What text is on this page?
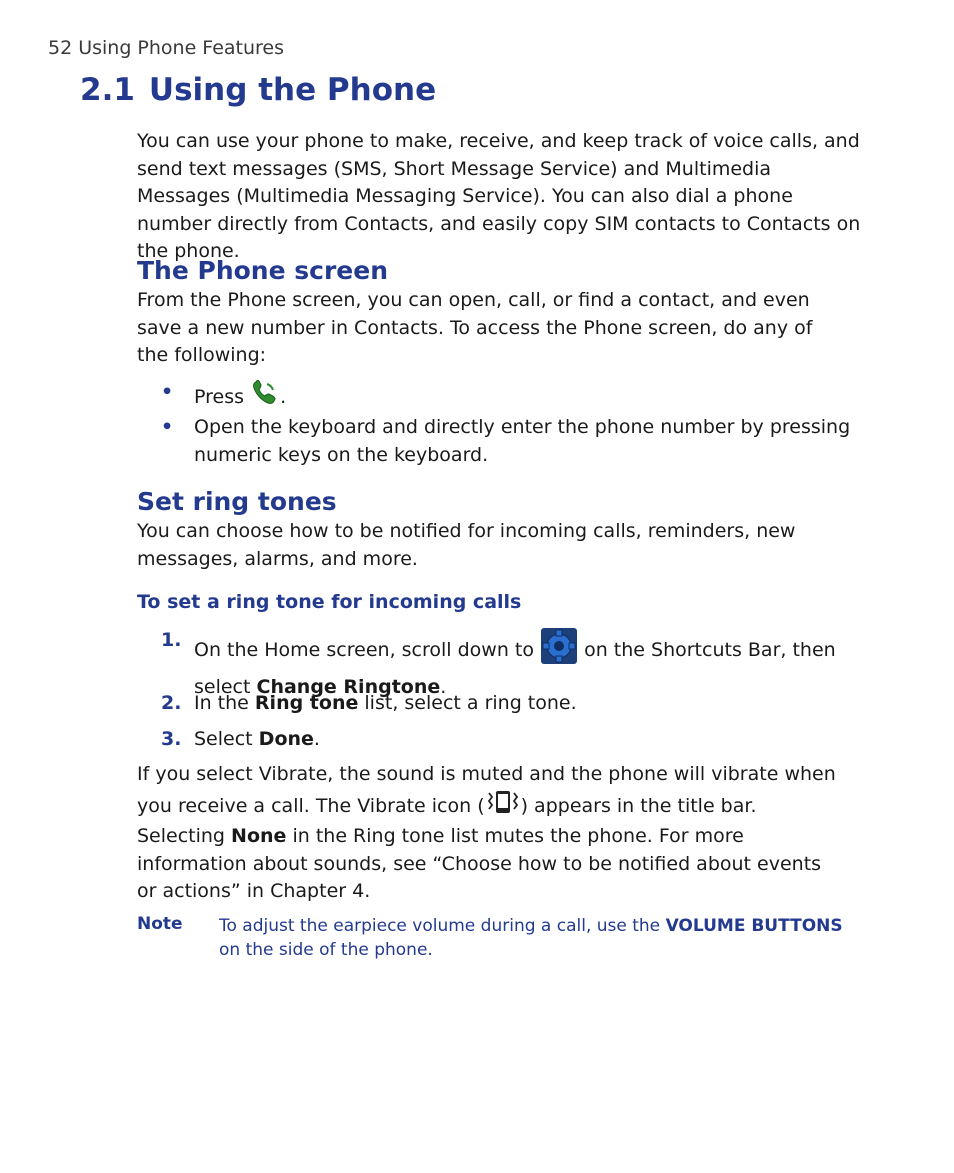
52 Using Phone Features
2.1 Using the Phone
You can use your phone to make, receive, and keep track of voice calls, and send text messages (SMS, Short Message Service) and Multimedia Messages (Multimedia Messaging Service). You can also dial a phone number directly from Contacts, and easily copy SIM contacts to Contacts on the phone.
The Phone screen
From the Phone screen, you can open, call, or find a contact, and even save a new number in Contacts. To access the Phone screen, do any of the following:
• Press .
• Open the keyboard and directly enter the phone number by pressing numeric keys on the keyboard.
Set ring tones
You can choose how to be notified for incoming calls, reminders, new messages, alarms, and more.
To set a ring tone for incoming calls
1. On the Home screen, scroll down to	on the Shortcuts Bar, then select Change Ringtone.
2. In the Ring tone list, select a ring tone.
3. Select Done.
If you select Vibrate, the sound is muted and the phone will vibrate when you receive a call. The Vibrate icon ( ) appears in the title bar. Selecting None in the Ring tone list mutes the phone. For more information about sounds, see “Choose how to be notified about events or actions” in Chapter 4.
Note To adjust the earpiece volume during a call, use the VOLUME BUTTONS on the side of the phone.
